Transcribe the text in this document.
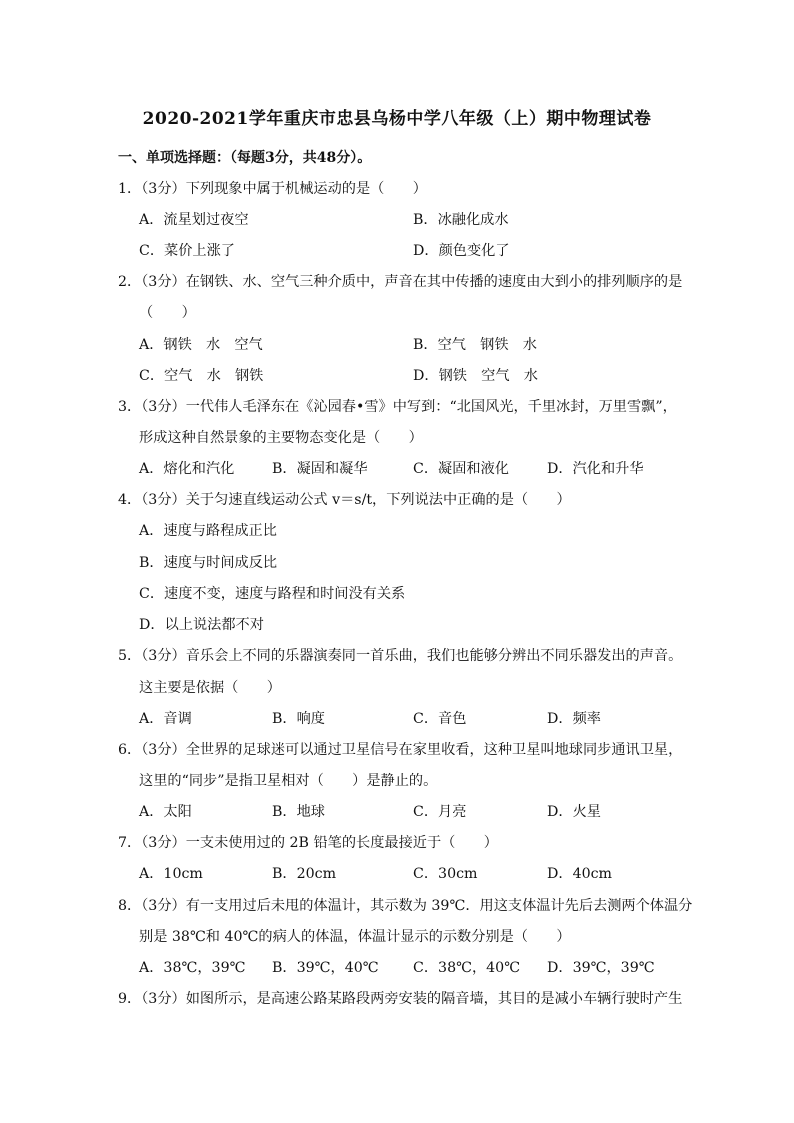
2020-2021学年重庆市忠县乌杨中学八年级（上）期中物理试卷
一、单项选择题：（每题3分，共48分）。
1．（3分）下列现象中属于机械运动的是（　　）
A．流星划过夜空	B．冰融化成水
C．菜价上涨了	D．颜色变化了
2．（3分）在钢铁、水、空气三种介质中，声音在其中传播的速度由大到小的排列顺序的是
（　　）
A．钢铁　水　空气	B．空气　钢铁　水
C．空气　水　钢铁	D．钢铁　空气　水
3．（3分）一代伟人毛泽东在《沁园春•雪》中写到：“北国风光，千里冰封，万里雪飘”，
形成这种自然景象的主要物态变化是（　　）
A．熔化和汽化	B．凝固和凝华	C．凝固和液化	D．汽化和升华
4．（3分）关于匀速直线运动公式 v＝s/t，下列说法中正确的是（　　）
A．速度与路程成正比
B．速度与时间成反比
C．速度不变，速度与路程和时间没有关系
D．以上说法都不对
5．（3分）音乐会上不同的乐器演奏同一首乐曲，我们也能够分辨出不同乐器发出的声音。
这主要是依据（　　）
A．音调	B．响度	C．音色	D．频率
6．（3分）全世界的足球迷可以通过卫星信号在家里收看，这种卫星叫地球同步通讯卫星，
这里的“同步”是指卫星相对（　　）是静止的。
A．太阳	B．地球	C．月亮	D．火星
7．（3分）一支未使用过的 2B 铅笔的长度最接近于（　　）
A．10cm	B．20cm	C．30cm	D．40cm
8．（3分）有一支用过后未甩的体温计，其示数为 39℃．用这支体温计先后去测两个体温分
别是 38℃和 40℃的病人的体温，体温计显示的示数分别是（　　）
A．38℃，39℃ B．39℃，40℃ C．38℃，40℃ D．39℃，39℃
9．（3分）如图所示，是高速公路某路段两旁安装的隔音墙，其目的是减小车辆行驶时产生
